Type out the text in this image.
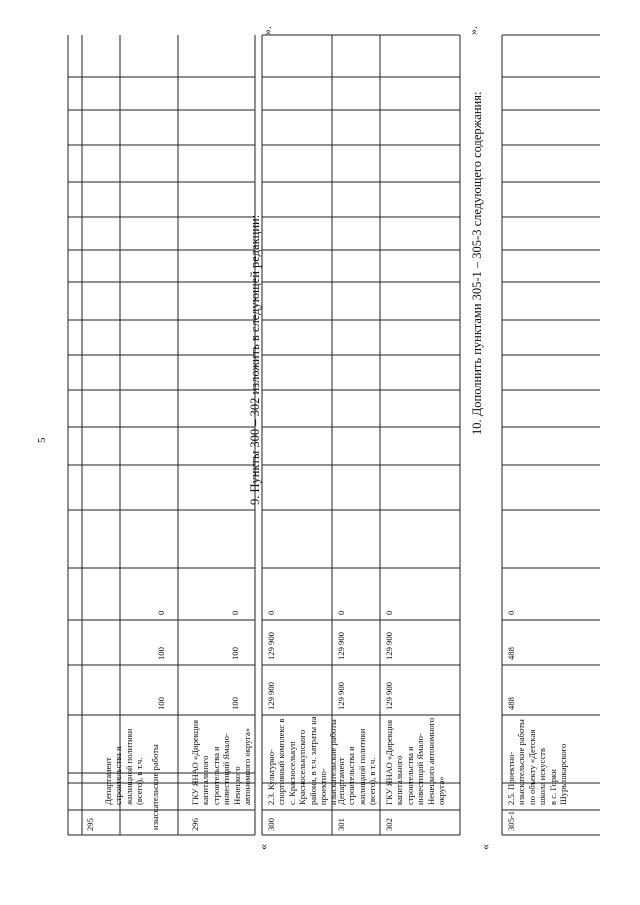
5
изыскательские работы
295
Департамент
строительства и
жилищной политики
(всего), в т.ч.
100
100
0
296
ГКУ ЯНАО «Дирекция
капитального
строительства и
инвестиций Ямало-
Ненецкого
автономного округа»
100
100
0
».
9. Пункты 300 – 302 изложить в следующей редакции:
«
300
2.3. Культурно-
спортивный комплекс в
с. Красноселькуп
Красноселькупского
района, в т.ч. затраты на
проектно-
изыскательские работы
129 900
129 900
0
301
Департамент
строительства и
жилищной политики
(всего), в т.ч.
129 900
129 900
0
302
ГКУ ЯНАО «Дирекция
капитального
строительства и
инвестиций Ямало-
Ненецкого автономного
округа»
129 900
129 900
0
».
10. Дополнить пунктами 305-1 – 305-3 следующего содержания:
«
305-1
2.5. Проектно-
изыскательские работы
по объекту «Детская
школа искусств
в с. Горки
Шурышкарского
488
488
0
